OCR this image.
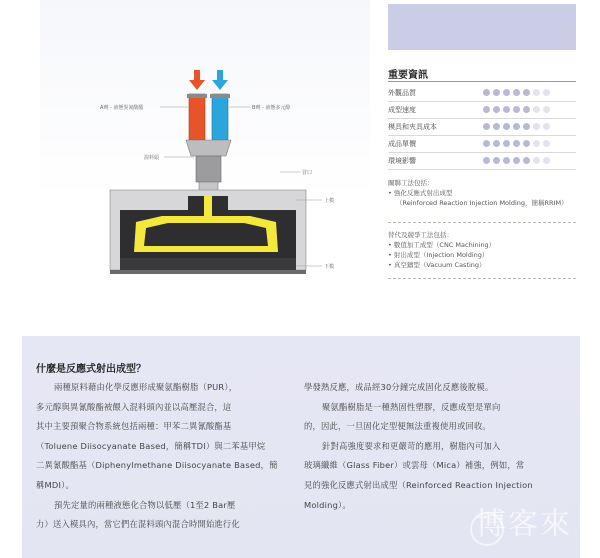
A劑 - 液態異氰酸酯	B劑 - 液態多元醇
混料頭
冒口
上模
下模
重要資訊
外觀品質
成型速度
模具和夾具成本
成品單價
環境影響
關聯工法包括：
• 強化反應式射出成型
（Reinforced Reaction Injection Molding，簡稱RRIM）
替代及競爭工法包括：
• 數值加工成型（CNC Machining）
• 射出成型（Injection Molding）
• 真空鑄型（Vacuum Casting）
什麼是反應式射出成型？

兩種原料藉由化學反應形成聚氨酯樹脂（PUR），

多元醇與異氰酸酯被餵入混料頭內並以高壓混合，這

其中主要預聚合物系統包括兩種：甲苯二異氰酸酯基

（Toluene Diisocyanate Based，簡稱TDI）與二苯基甲烷

二異氰酸酯基（Diphenylmethane Diisocyanate Based，簡

稱MDI）。

預先定量的兩種液態化合物以低壓（1至2 Bar壓

力）送入模具內，當它們在混料頭內混合時開始進行化

學發熱反應，成品經30分鐘完成固化反應後脫模。

聚氨酯樹脂是一種熱固性塑膠，反應成型是單向

的，因此，一旦固化定型便無法重複使用或回收。

針對高強度要求和更嚴苛的應用，樹脂內可加入

玻璃纖維（Glass Fiber）或雲母（Mica）補強，例如，常

見的強化反應式射出成型（Reinforced Reaction Injection

Molding）。

博客來
